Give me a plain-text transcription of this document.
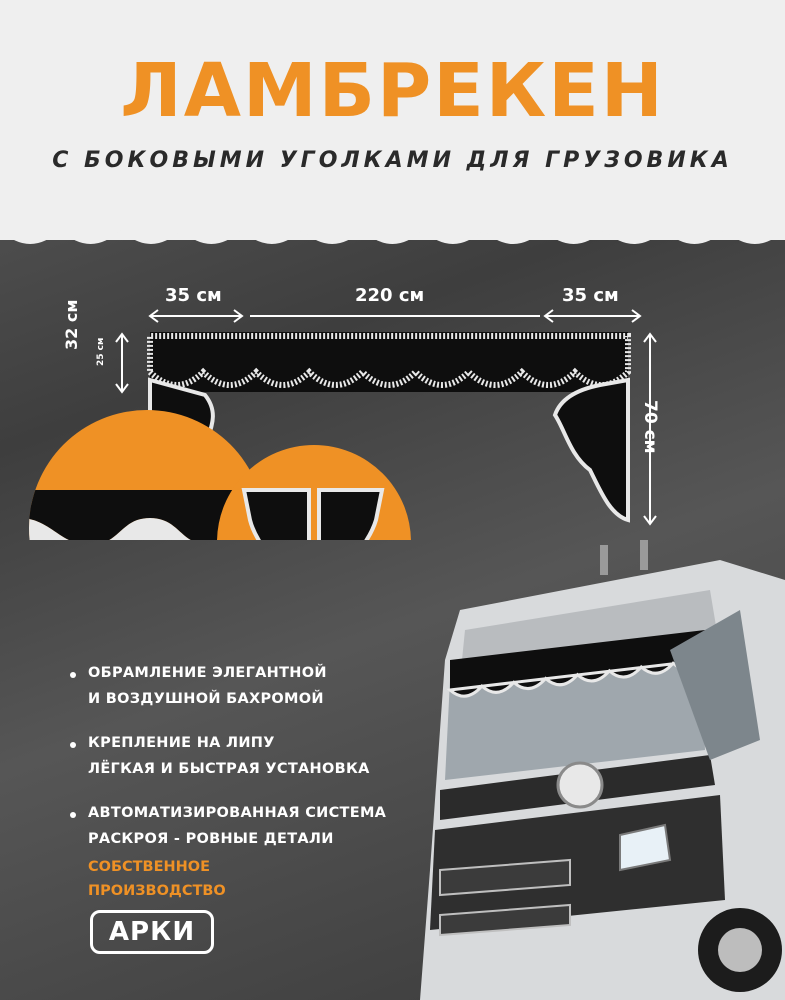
ЛАМБРЕКЕН

С БОКОВЫМИ УГОЛКАМИ ДЛЯ ГРУЗОВИКА

35 см	220 см	35 см
32 см
25 см
70 см
ОБРАМЛЕНИЕ ЭЛЕГАНТНОЙ
И ВОЗДУШНОЙ БАХРОМОЙ
КРЕПЛЕНИЕ НА ЛИПУ
ЛЁГКАЯ И БЫСТРАЯ УСТАНОВКА
АВТОМАТИЗИРОВАННАЯ СИСТЕМА
РАСКРОЯ - РОВНЫЕ ДЕТАЛИ
СОБСТВЕННОЕ
ПРОИЗВОДСТВО
АРКИ
